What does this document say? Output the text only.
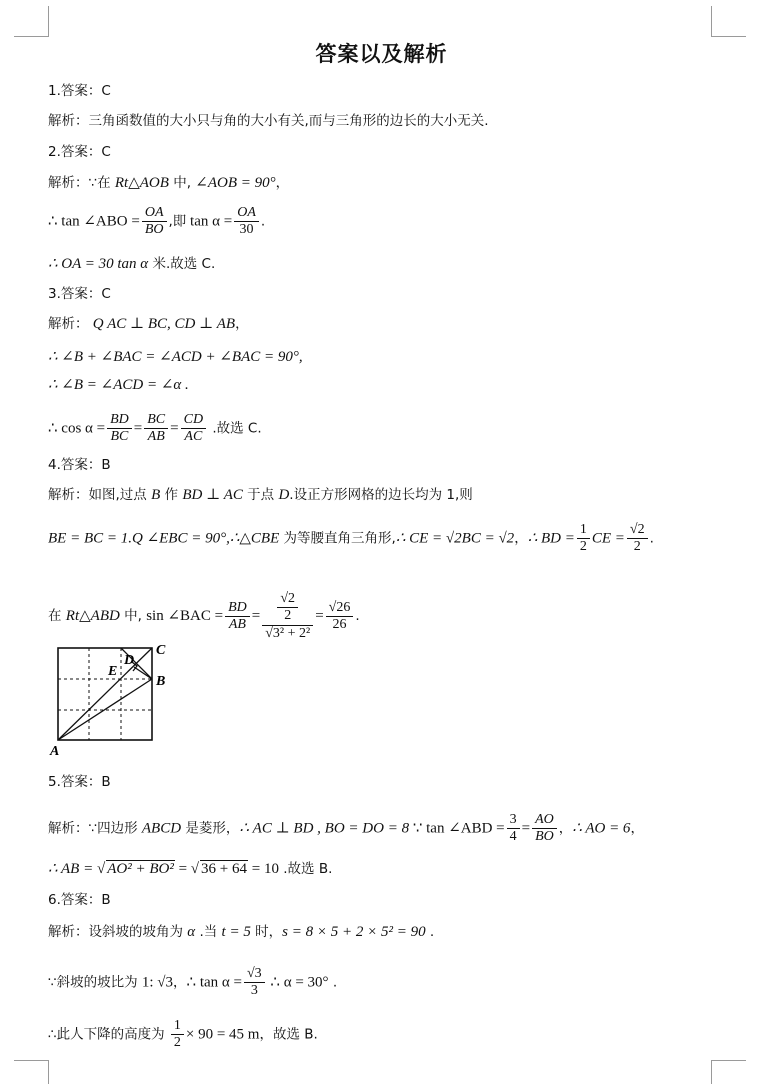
答案以及解析
1.答案：C
解析：三角函数值的大小只与角的大小有关,而与三角形的边长的大小无关.
2.答案：C
解析：∵在 Rt△AOB 中, ∠AOB = 90°，
∴ tan ∠ABO = $\frac{OA}{BO}$ ,即 $\tan \alpha = \frac{OA}{30}$ .
∴ OA = 30 tan α 米.故选 C.
3.答案：C
解析： Q AC ⊥ BC, CD ⊥ AB，
∴ ∠B + ∠BAC = ∠ACD + ∠BAC = 90°,
∴ ∠B = ∠ACD = ∠α .
∴ $\cos \alpha = \frac{BD}{BC} = \frac{BC}{AB} = \frac{CD}{AC}$ .故选 C.
4.答案：B
解析：如图,过点 B 作 BD ⊥ AC 于点 D.设正方形网格的边长均为 1,则
BE = BC = 1.Q ∠EBC = 90°,∴△CBE 为等腰直角三角形,∴ CE = √2BC = √2，∴ BD = $\frac{1}{2}$ CE = $\frac{√2}{2}$ .
在 Rt△ABD 中, sin ∠BAC = $\frac{BD}{AB} = \frac{\frac{√2}{2}}{\text{√3² + 2²}} = \frac{√26}{26}$ .
C
D
E
B
A
5.答案：B
解析：∵四边形 ABCD 是菱形，∴ AC ⊥ BD , BO = DO = 8 ∵ tan ∠ABD = $\frac{3}{4} = \frac{AO}{BO}$ ，∴ AO = 6，
∴ AB = √ AO² + BO² = √ 36 + 64 = 10 .故选 B.
6.答案：B
解析：设斜坡的坡角为 α .当 t = 5 时，s = 8 × 5 + 2 × 5² = 90 .
∵斜坡的坡比为 1: √3，∴ $\tan \alpha = \frac{√3}{3}$ ∴ α = 30° .
∴此人下降的高度为 $\frac{1}{2} \times 90 = 45$ m，故选 B.
